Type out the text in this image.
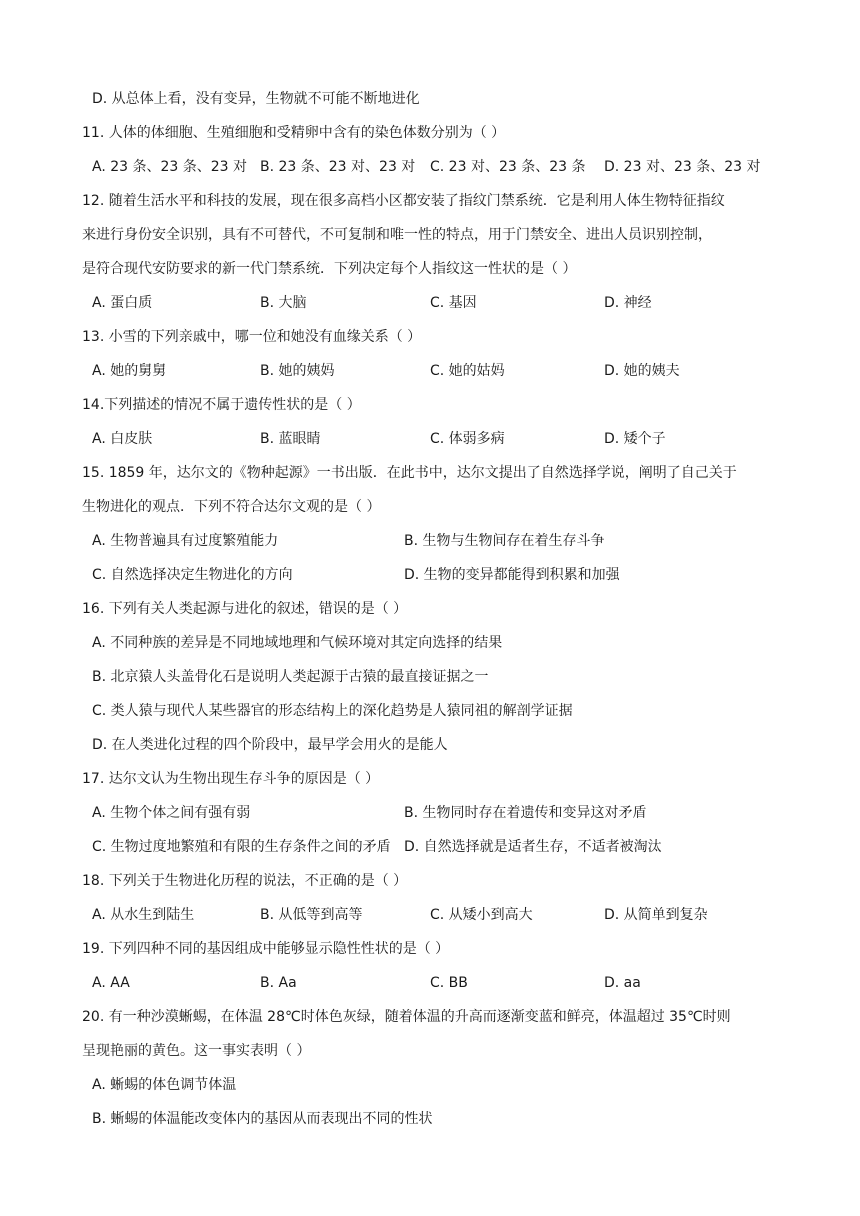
D. 从总体上看，没有变异，生物就不可能不断地进化
11. 人体的体细胞、生殖细胞和受精卵中含有的染色体数分别为（ ）
A. 23 条、23 条、23 对 B. 23 条、23 对、23 对 C. 23 对、23 条、23 条 D. 23 对、23 条、23 对
12. 随着生活水平和科技的发展，现在很多高档小区都安装了指纹门禁系统．它是利用人体生物特征指纹
来进行身份安全识别，具有不可替代，不可复制和唯一性的特点，用于门禁安全、进出人员识别控制，
是符合现代安防要求的新一代门禁系统．下列决定每个人指纹这一性状的是（ ）
A. 蛋白质	B. 大脑	C. 基因	D. 神经
13. 小雪的下列亲戚中，哪一位和她没有血缘关系（ ）
A. 她的舅舅	B. 她的姨妈	C. 她的姑妈	D. 她的姨夫
14.下列描述的情况不属于遗传性状的是（ ）
A. 白皮肤	B. 蓝眼睛	C. 体弱多病	D. 矮个子
15. 1859 年，达尔文的《物种起源》一书出版．在此书中，达尔文提出了自然选择学说，阐明了自己关于
生物进化的观点．下列不符合达尔文观的是（ ）
A. 生物普遍具有过度繁殖能力	B. 生物与生物间存在着生存斗争
C. 自然选择决定生物进化的方向	D. 生物的变异都能得到积累和加强
16. 下列有关人类起源与进化的叙述，错误的是（ ）
A. 不同种族的差异是不同地域地理和气候环境对其定向选择的结果
B. 北京猿人头盖骨化石是说明人类起源于古猿的最直接证据之一
C. 类人猿与现代人某些器官的形态结构上的深化趋势是人猿同祖的解剖学证据
D. 在人类进化过程的四个阶段中，最早学会用火的是能人
17. 达尔文认为生物出现生存斗争的原因是（ ）
A. 生物个体之间有强有弱	B. 生物同时存在着遗传和变异这对矛盾
C. 生物过度地繁殖和有限的生存条件之间的矛盾 D. 自然选择就是适者生存，不适者被淘汰
18. 下列关于生物进化历程的说法，不正确的是（ ）
A. 从水生到陆生	B. 从低等到高等	C. 从矮小到高大	D. 从简单到复杂
19. 下列四种不同的基因组成中能够显示隐性性状的是（ ）
A. AA	B. Aa	C. BB	D. aa
20. 有一种沙漠蜥蜴，在体温 28℃时体色灰绿，随着体温的升高而逐渐变蓝和鲜亮，体温超过 35℃时则
呈现艳丽的黄色。这一事实表明（ ）
A. 蜥蜴的体色调节体温
B. 蜥蜴的体温能改变体内的基因从而表现出不同的性状
